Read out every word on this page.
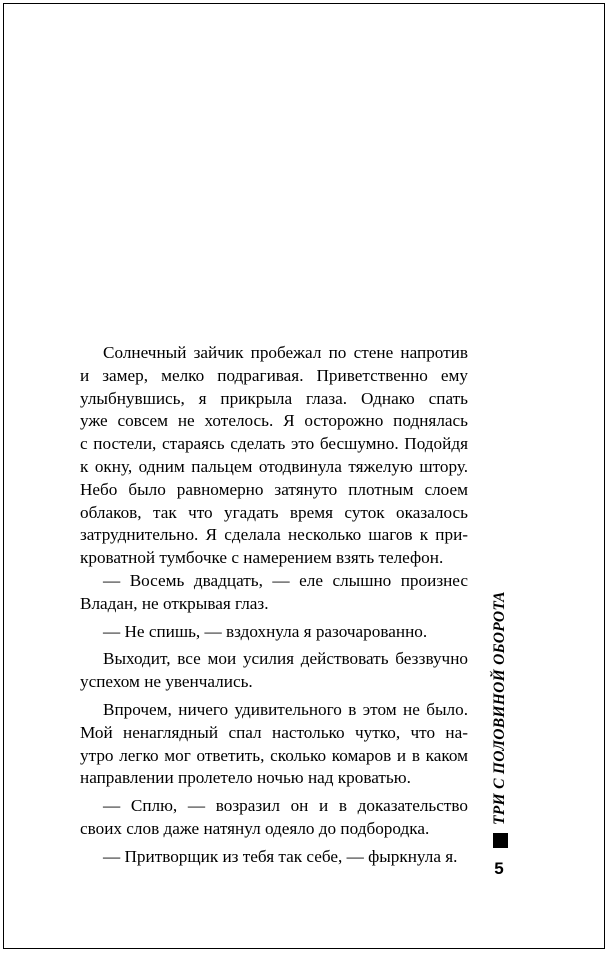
Солнечный зайчик пробежал по стене напротив
и замер, мелко подрагивая. Приветственно ему
улыбнувшись, я прикрыла глаза. Однако спать
уже совсем не хотелось. Я осторожно поднялась
с постели, стараясь сделать это бесшумно. Подойдя
к окну, одним пальцем отодвинула тяжелую штору.
Небо было равномерно затянуто плотным слоем
облаков, так что угадать время суток оказалось
затруднительно. Я сделала несколько шагов к при-
кроватной тумбочке с намерением взять телефон.

— Восемь двадцать, — еле слышно произнес
Владан, не открывая глаз.

— Не спишь, — вздохнула я разочарованно.

Выходит, все мои усилия действовать беззвучно
успехом не увенчались.

Впрочем, ничего удивительного в этом не было.
Мой ненаглядный спал настолько чутко, что на-
утро легко мог ответить, сколько комаров и в каком
направлении пролетело ночью над кроватью.

— Сплю, — возразил он и в доказательство
своих слов даже натянул одеяло до подбородка.

— Притворщик из тебя так себе, — фыркнула я.

ТРИ С ПОЛОВИНОЙ ОБОРОТА
5
